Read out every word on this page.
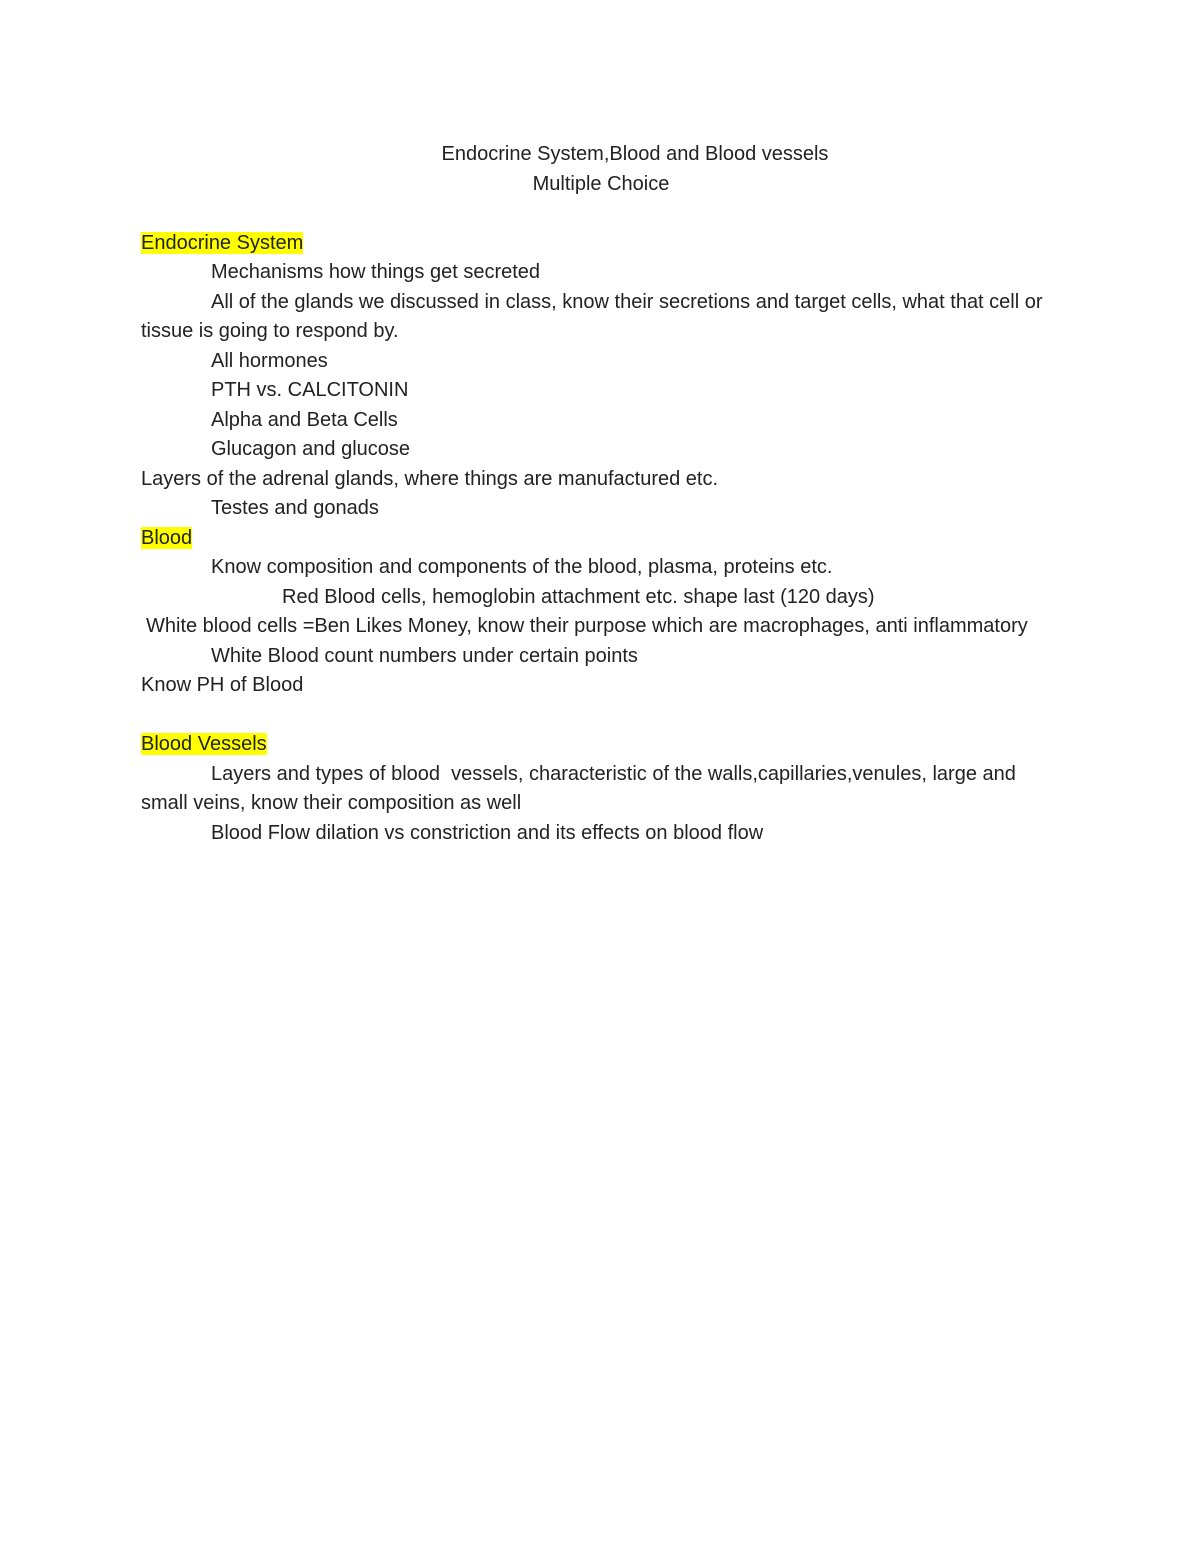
Endocrine System,Blood and Blood vessels
Multiple Choice
Endocrine System
Mechanisms how things get secreted
All of the glands we discussed in class, know their secretions and target cells, what that cell or tissue is going to respond by.
All hormones
PTH vs. CALCITONIN
Alpha and Beta Cells
Glucagon and glucose
Layers of the adrenal glands, where things are manufactured etc.
Testes and gonads
Blood
Know composition and components of the blood, plasma, proteins etc.
Red Blood cells, hemoglobin attachment etc. shape last (120 days)
White blood cells =Ben Likes Money, know their purpose which are macrophages, anti inflammatory
White Blood count numbers under certain points
Know PH of Blood
Blood Vessels
Layers and types of blood  vessels, characteristic of the walls,capillaries,venules, large and small veins, know their composition as well
Blood Flow dilation vs constriction and its effects on blood flow
